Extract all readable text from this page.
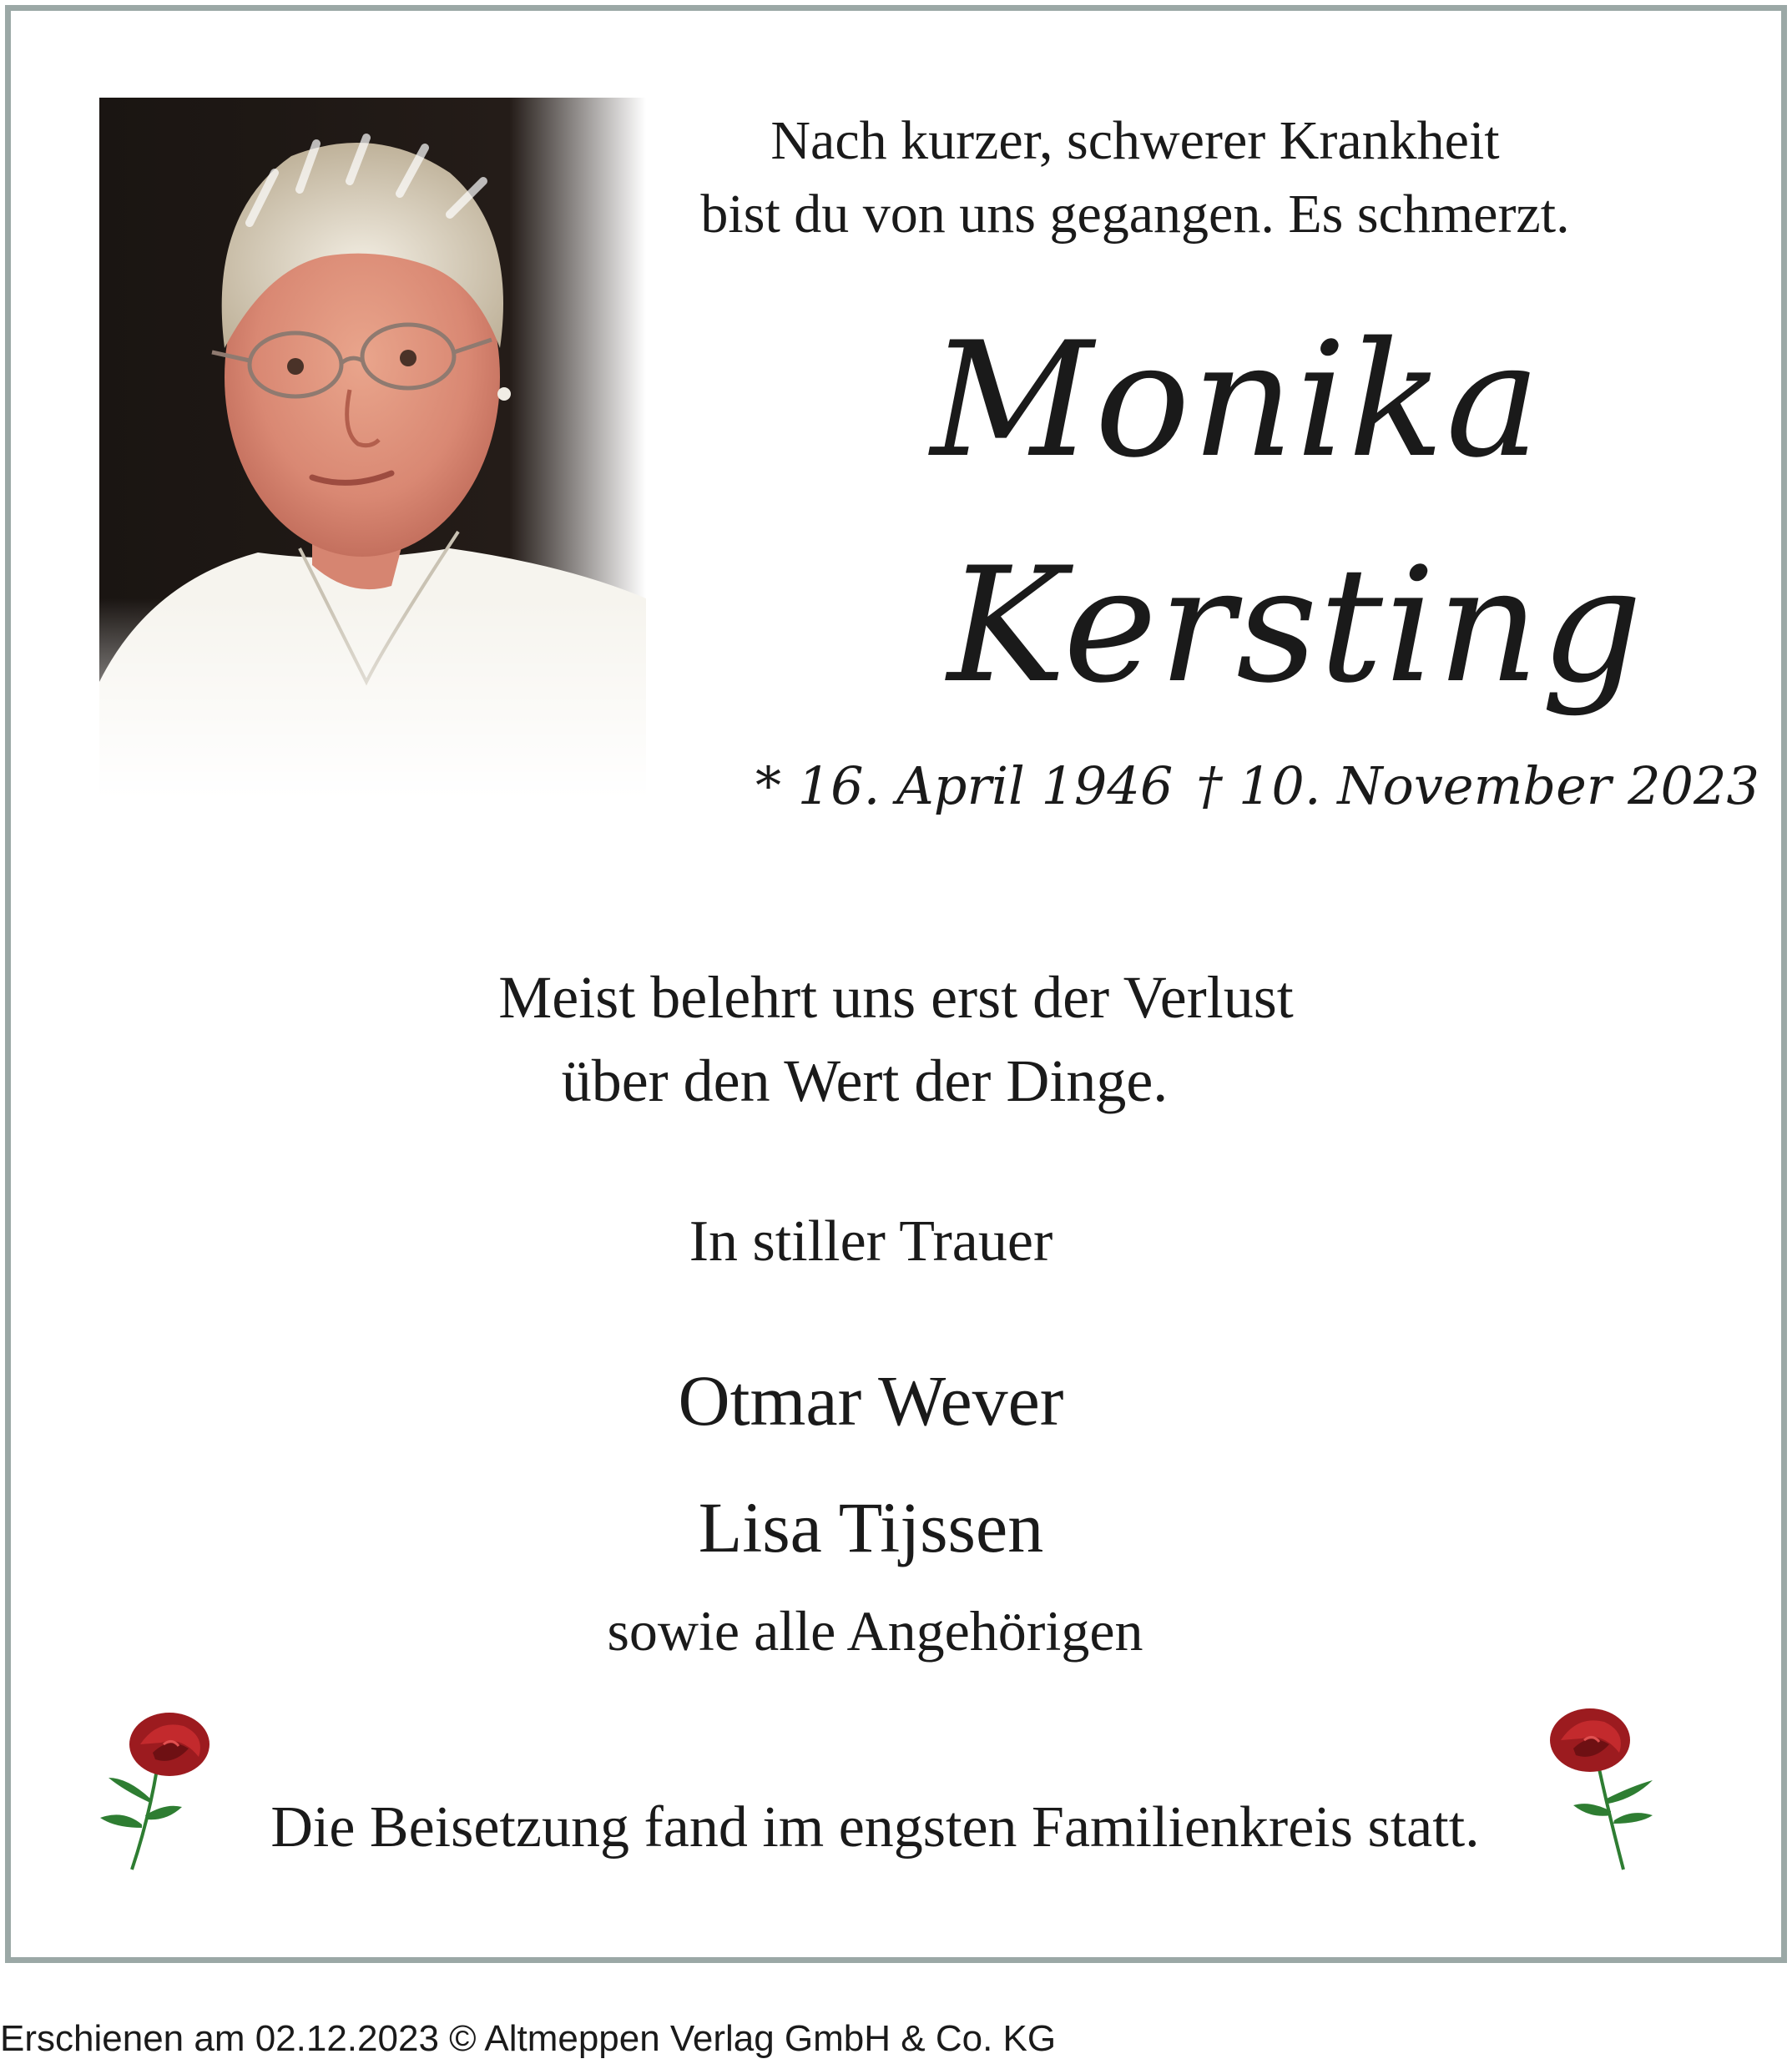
Nach kurzer, schwerer Krankheit
bist du von uns gegangen. Es schmerzt.
Monika
Kersting
* 16. April 1946 † 10. November 2023
Meist belehrt uns erst der Verlust
über den Wert der Dinge.
In stiller Trauer
Otmar Wever
Lisa Tijssen
sowie alle Angehörigen
Die Beisetzung fand im engsten Familienkreis statt.
Erschienen am 02.12.2023 © Altmeppen Verlag GmbH & Co. KG
